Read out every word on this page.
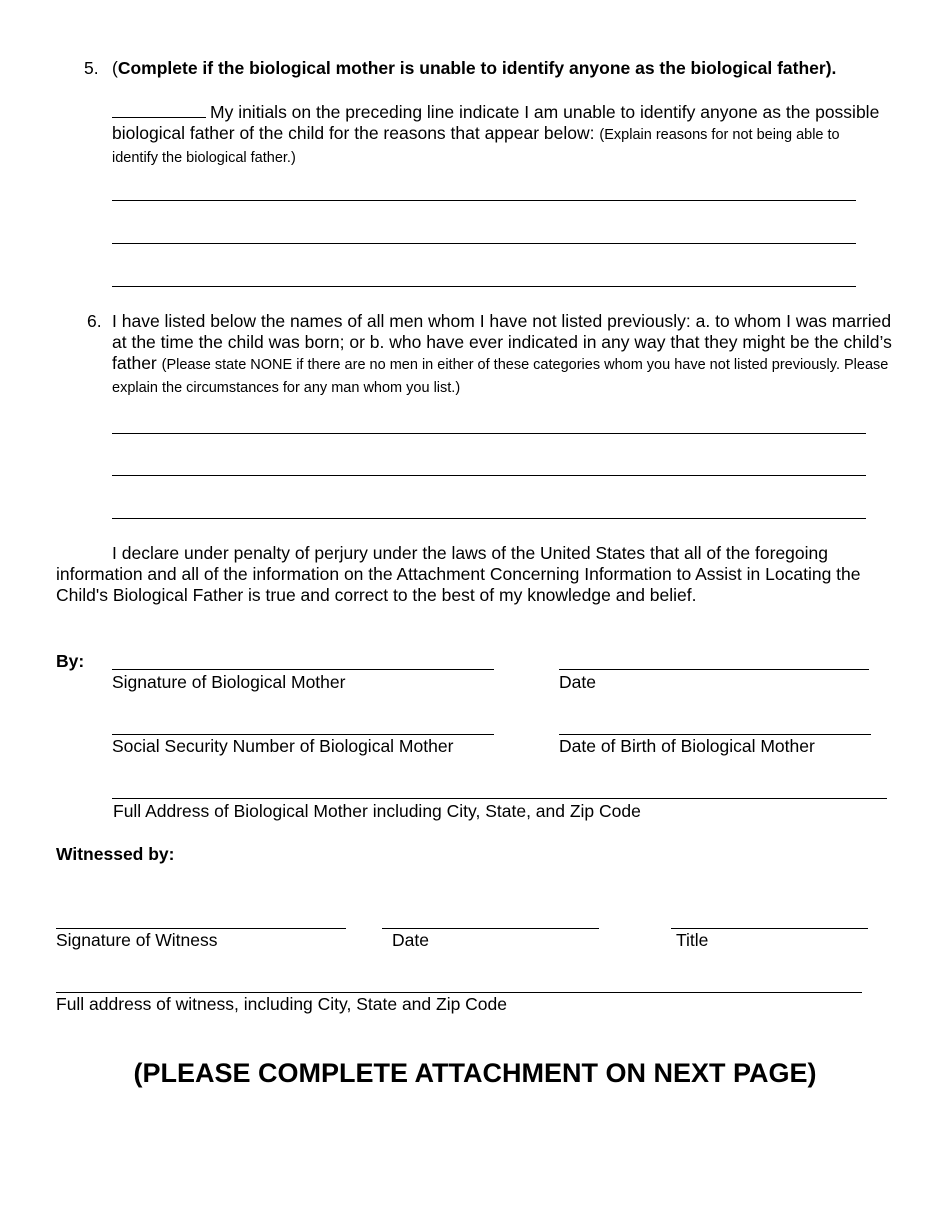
5. (Complete if the biological mother is unable to identify anyone as the biological father).
My initials on the preceding line indicate I am unable to identify anyone as the possible biological father of the child for the reasons that appear below: (Explain reasons for not being able to identify the biological father.)
6. I have listed below the names of all men whom I have not listed previously: a. to whom I was married at the time the child was born; or b. who have ever indicated in any way that they might be the child’s father (Please state NONE if there are no men in either of these categories whom you have not listed previously. Please explain the circumstances for any man whom you list.)
I declare under penalty of perjury under the laws of the United States that all of the foregoing information and all of the information on the Attachment Concerning Information to Assist in Locating the Child's Biological Father is true and correct to the best of my knowledge and belief.
By:
Signature of Biological Mother	Date
Social Security Number of Biological Mother	Date of Birth of Biological Mother
Full Address of Biological Mother including City, State, and Zip Code
Witnessed by:
Signature of Witness	Date	Title
Full address of witness, including City, State and Zip Code
(PLEASE COMPLETE ATTACHMENT ON NEXT PAGE)
